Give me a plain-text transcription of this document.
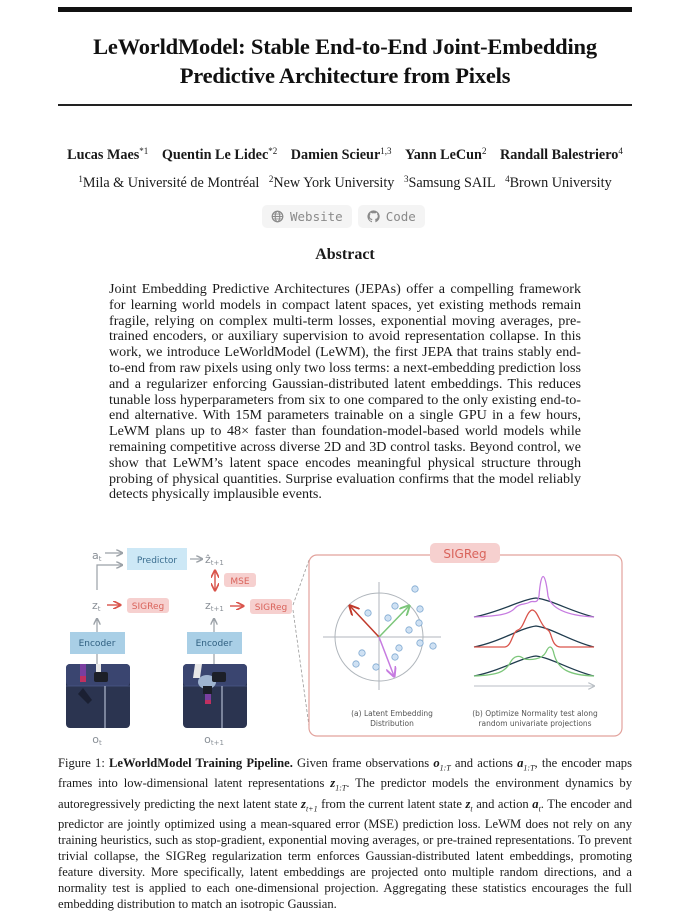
LeWorldModel: Stable End-to-End Joint-Embedding
Predictive Architecture from Pixels
Lucas Maes$^{*1}$ Quentin Le Lidec$^{*2}$ Damien Scieur$^{1,3}$ Yann LeCun$^2$ Randall Balestriero$^4$
$^1$Mila & Université de Montréal $^2$New York University $^3$Samsung SAIL $^4$Brown University
Website	Code
Abstract
Joint Embedding Predictive Architectures (JEPAs) offer a compelling framework for learning world models in compact latent spaces, yet existing methods remain fragile, relying on complex multi-term losses, exponential moving averages, pre-trained encoders, or auxiliary supervision to avoid representation collapse. In this work, we introduce LeWorldModel (LeWM), the first JEPA that trains stably end-to-end from raw pixels using only two loss terms: a next-embedding prediction loss and a regularizer enforcing Gaussian-distributed latent embeddings. This reduces tunable loss hyperparameters from six to one compared to the only existing end-to-end alternative. With 15M parameters trainable on a single GPU in a few hours, LeWM plans up to 48× faster than foundation-model-based world models while remaining competitive across diverse 2D and 3D control tasks. Beyond control, we show that LeWM’s latent space encodes meaningful physical structure through probing of physical quantities. Surprise evaluation confirms that the model reliably detects physically implausible events.
at	Predictor	ẑt+1
MSE
zt	SIGReg	zt+1	SIGReg
Encoder	Encoder
ot	ot+1
SIGReg
(a) Latent Embedding
Distribution
(b) Optimize Normality test along
random univariate projections
Figure 1: LeWorldModel Training Pipeline. Given frame observations $o_{1:T}$ and actions $a_{1:T}$, the encoder maps frames into low-dimensional latent representations $z_{1:T}$. The predictor models the environment dynamics by autoregressively predicting the next latent state $z_{t+1}$ from the current latent state $z_t$ and action $a_t$. The encoder and predictor are jointly optimized using a mean-squared error (MSE) prediction loss. LeWM does not rely on any training heuristics, such as stop-gradient, exponential moving averages, or pre-trained representations. To prevent trivial collapse, the SIGReg regularization term enforces Gaussian-distributed latent embeddings, promoting feature diversity. More specifically, latent embeddings are projected onto multiple random directions, and a normality test is applied to each one-dimensional projection. Aggregating these statistics encourages the full embedding distribution to match an isotropic Gaussian.
